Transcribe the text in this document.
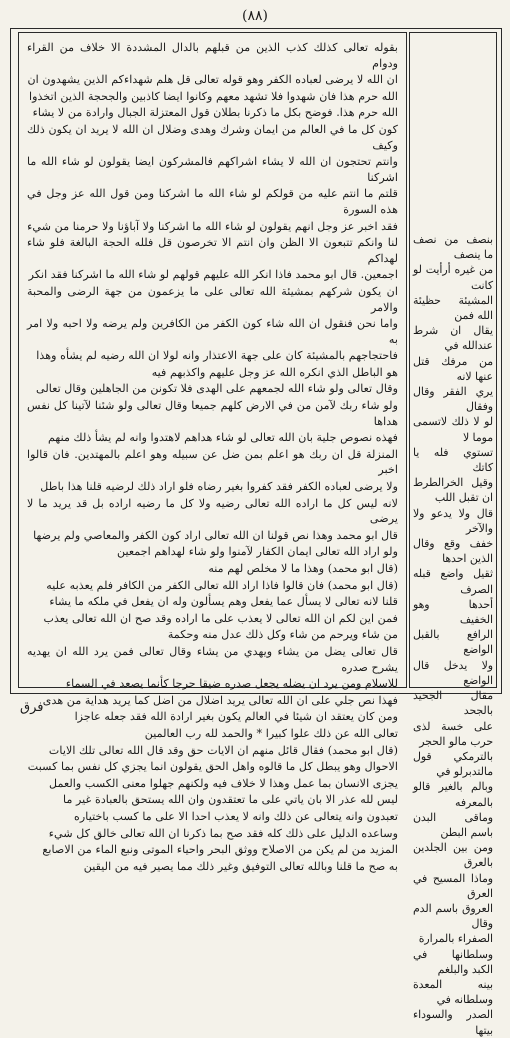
(٨٨)

بقوله تعالى كذلك كذب الذين من قبلهم بالدال المشددة الا خلاف من القراء ودوام

ان الله لا يرضى لعباده الكفر وهو قوله تعالى قل هلم شهداءكم الذين يشهدون ان

الله حرم هذا فان شهدوا فلا تشهد معهم وكانوا ايضا كاذبين والجحجة الذين اتخذوا

الله حرم هذا. فوضح بكل ما ذكرنا بطلان قول المعتزلة الجبال وارادة من لا يشاء

كون كل ما في العالم من ايمان وشرك وهدى وضلال ان الله لا يريد ان يكون ذلك وكيف

وانتم تحتجون ان الله لا يشاء اشراكهم فالمشركون ايضا يقولون لو شاء الله ما اشركنا

قلتم ما انتم عليه من قولكم لو شاء الله ما اشركنا ومن قول الله عز وجل في هذه السورة

فقد اخبر عز وجل انهم يقولون لو شاء الله ما اشركنا ولا آباؤنا ولا حرمنا من شيء

لنا وانكم تتبعون الا الظن وان انتم الا تخرصون قل فلله الحجة البالغة فلو شاء لهداكم

اجمعين. قال ابو محمد فاذا انكر الله عليهم قولهم لو شاء الله ما اشركنا فقد انكر

ان يكون شركهم بمشيئة الله تعالى على ما يزعمون من جهة الرضى والمحبة والامر

واما نحن فنقول ان الله شاء كون الكفر من الكافرين ولم يرضه ولا احبه ولا امر به

فاحتجاجهم بالمشيئة كان على جهة الاعتذار وانه لولا ان الله رضيه لم يشأه وهذا

هو الباطل الذي انكره الله عز وجل عليهم واكذبهم فيه

وقال تعالى ولو شاء الله لجمعهم على الهدى فلا تكونن من الجاهلين وقال تعالى

ولو شاء ربك لآمن من في الارض كلهم جميعا وقال تعالى ولو شئنا لآتينا كل نفس هداها

فهذه نصوص جلية بان الله تعالى لو شاء هداهم لاهتدوا وانه لم يشأ ذلك منهم

المنزلة قل ان ربك هو اعلم بمن ضل عن سبيله وهو اعلم بالمهتدين. فان قالوا اخبر

ولا يرضى لعباده الكفر فقد كفروا بغير رضاه فلو اراد ذلك لرضيه قلنا هذا باطل

لانه ليس كل ما اراده الله تعالى رضيه ولا كل ما رضيه اراده بل قد يريد ما لا يرضى

قال ابو محمد وهذا نص قولنا ان الله تعالى اراد كون الكفر والمعاصي ولم يرضها

ولو اراد الله تعالى ايمان الكفار لآمنوا ولو شاء لهداهم اجمعين

(قال ابو محمد) وهذا ما لا مخلص لهم منه

(قال ابو محمد) فان قالوا فاذا اراد الله تعالى الكفر من الكافر فلم يعذبه عليه

قلنا لانه تعالى لا يسأل عما يفعل وهم يسألون وله ان يفعل في ملكه ما يشاء

فمن اين لكم ان الله تعالى لا يعذب على ما اراده وقد صح ان الله تعالى يعذب

من شاء ويرحم من شاء وكل ذلك عدل منه وحكمة

قال تعالى يضل من يشاء ويهدي من يشاء وقال تعالى فمن يرد الله ان يهديه يشرح صدره

للاسلام ومن يرد ان يضله يجعل صدره ضيقا حرجا كأنما يصعد في السماء

فهذا نص جلي على ان الله تعالى يريد اضلال من اضل كما يريد هداية من هدى

ومن كان يعتقد ان شيئا في العالم يكون بغير ارادة الله فقد جعله عاجزا

تعالى الله عن ذلك علوا كبيرا * والحمد لله رب العالمين

(قال ابو محمد) فقال قائل منهم ان الايات حق وقد قال الله تعالى تلك الايات

الاحوال وهو يبطل كل ما قالوه واهل الحق يقولون انما يجزي كل نفس بما كسبت

يجزى الانسان بما عمل وهذا لا خلاف فيه ولكنهم جهلوا معنى الكسب والعمل

ليس لله عذر الا بان ياتي على ما تعتقدون وان الله يستحق بالعبادة غير ما

تعبدون وانه يتعالى عن ذلك وانه لا يعذب احدا الا على ما كسب باختياره

وساعده الدليل على ذلك كله فقد صح بما ذكرنا ان الله تعالى خالق كل شيء

المزيد من لم يكن من الاصلاح ووثق البحر واحياء الموتى ونبع الماء من الاصابع

به صح ما قلنا وبالله تعالى التوفيق وغير ذلك مما يصير فيه من اليقين

بنصف من نصف ما ينصف
من غيره أرأيت لو كانت
المشيئة حظيئة الله فمن
يقال ان شرط عندالله في
من مرفك قتل عنها لانه
يري الفقر وقال وفقال
لو لا ذلك لاتسمى موما لا
تستوي فله يا كاتك
وقيل الخرالطرط ان تقبل اللب
قال ولا يدعو ولا والآخر
خفف وقع وقال الذين احدها
ثقيل واضع قبله الصرف
أحدها وهو الخفيف
الرافع بالقبل الواضع
ولا يدخل قال الواضع
مقال الجحيد بالجحد
على خسة لذى حرب مالو الحجر
بالترمكي قول مالتدبرلو في
وبالم بالغير قالو بالمعرفه
وماقى البدن باسم البطن
ومن بين الجلدين بالعرق
وماذا المسيح في العرق
العروق باسم الدم وقال
الصفراء بالمرارة
وسلطانها في الكبد والبلغم
بينه المعدة وسلطانه في
الصدر والسوداء بيتها
فرق
